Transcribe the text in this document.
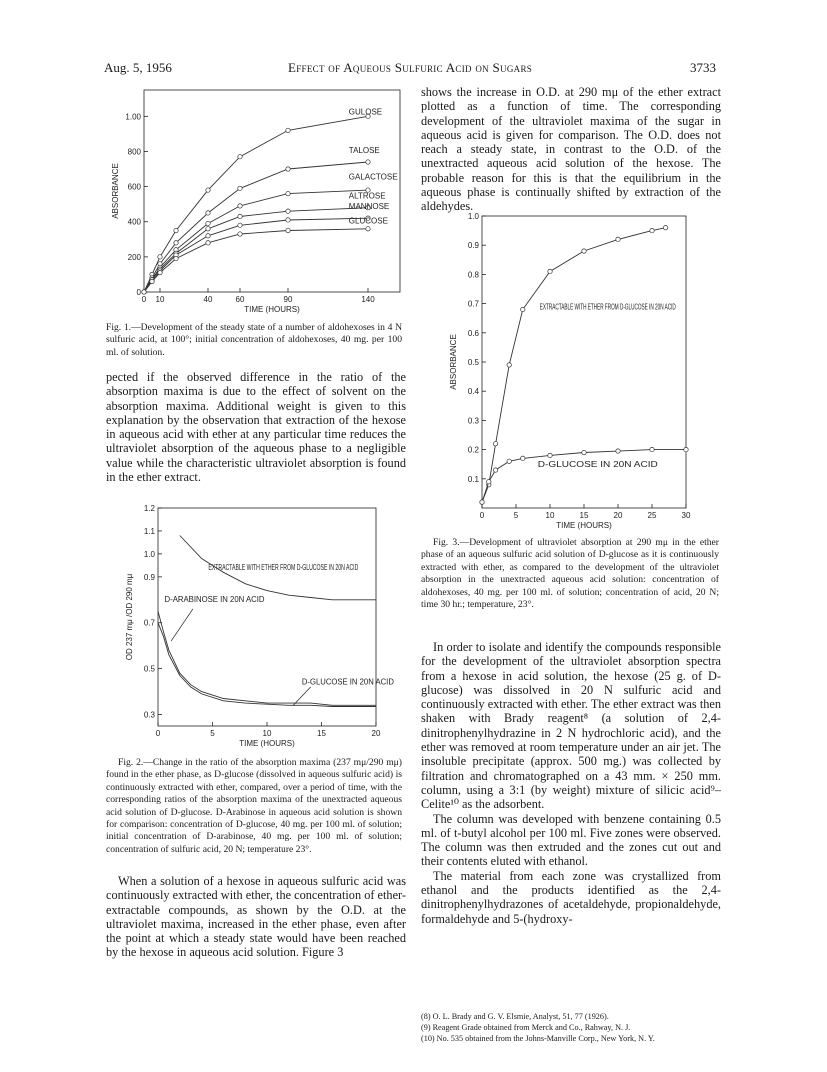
Aug. 5, 1956	Effect of Aqueous Sulfuric Acid on Sugars	3733
0 10	40	60	90	140
0
200
400
600
800
1.00
TIME (HOURS)
ABSORBANCE
GULOSE
TALOSE
GALACTOSE
ALTROSE
MANNOSE
GLUCOSE

Fig. 1.—Development of the steady state of a number of aldohexoses in 4 N sulfuric acid, at 100°; initial concentration of aldohexoses, 40 mg. per 100 ml. of solution.

pected if the observed difference in the ratio of the absorption maxima is due to the effect of solvent on the absorption maxima. Additional weight is given to this explanation by the observation that extraction of the hexose in aqueous acid with ether at any particular time reduces the ultraviolet absorption of the aqueous phase to a negligible value while the characteristic ultraviolet absorption is found in the ether extract.

0	5	10	15	20
0.3
0.5
0.7
0.9
1.0
1.1
1.2
TIME (HOURS)
OD 237 mμ /OD 290 mμ
EXTRACTABLE WITH ETHER FROM D-GLUCOSE IN 20N ACID
D-ARABINOSE IN 20N ACID
D-GLUCOSE IN 20N ACID

Fig. 2.—Change in the ratio of the absorption maxima (237 mμ/290 mμ) found in the ether phase, as D-glucose (dissolved in aqueous sulfuric acid) is continuously extracted with ether, compared, over a period of time, with the corresponding ratios of the absorption maxima of the unextracted aqueous acid solution of D-glucose. D-Arabinose in aqueous acid solution is shown for comparison: concentration of D-glucose, 40 mg. per 100 ml. of solution; initial concentration of D-arabinose, 40 mg. per 100 ml. of solution; concentration of sulfuric acid, 20 N; temperature 23°.

When a solution of a hexose in aqueous sulfuric acid was continuously extracted with ether, the concentration of ether-extractable compounds, as shown by the O.D. at the ultraviolet maxima, increased in the ether phase, even after the point at which a steady state would have been reached by the hexose in aqueous acid solution. Figure 3

shows the increase in O.D. at 290 mμ of the ether extract plotted as a function of time. The corresponding development of the ultraviolet maxima of the sugar in aqueous acid is given for comparison. The O.D. does not reach a steady state, in contrast to the O.D. of the unextracted aqueous acid solution of the hexose. The probable reason for this is that the equilibrium in the aqueous phase is continually shifted by extraction of the aldehydes.

0	5	10	15	20	25	30
0.1
0.2
0.3
0.4
0.5
0.6
0.7
0.8
0.9
1.0
TIME (HOURS)
ABSORBANCE
EXTRACTABLE WITH ETHER FROM D-GLUCOSE IN 20N ACID
D-GLUCOSE IN 20N ACID

Fig. 3.—Development of ultraviolet absorption at 290 mμ in the ether phase of an aqueous sulfuric acid solution of D-glucose as it is continuously extracted with ether, as compared to the development of the ultraviolet absorption in the unextracted aqueous acid solution: concentration of aldohexoses, 40 mg. per 100 ml. of solution; concentration of acid, 20 N; time 30 hr.; temperature, 23°.

In order to isolate and identify the compounds responsible for the development of the ultraviolet absorption spectra from a hexose in acid solution, the hexose (25 g. of D-glucose) was dissolved in 20 N sulfuric acid and continuously extracted with ether. The ether extract was then shaken with Brady reagent⁸ (a solution of 2,4-dinitrophenylhydrazine in 2 N hydrochloric acid), and the ether was removed at room temperature under an air jet. The insoluble precipitate (approx. 500 mg.) was collected by filtration and chromatographed on a 43 mm. × 250 mm. column, using a 3:1 (by weight) mixture of silicic acid⁹–Celite¹⁰ as the adsorbent.

The column was developed with benzene containing 0.5 ml. of t-butyl alcohol per 100 ml. Five zones were observed. The column was then extruded and the zones cut out and their contents eluted with ethanol.

The material from each zone was crystallized from ethanol and the products identified as the 2,4-dinitrophenylhydrazones of acetaldehyde, propionaldehyde, formaldehyde and 5-(hydroxy-

(8) O. L. Brady and G. V. Elsmie, Analyst, 51, 77 (1926).

(9) Reagent Grade obtained from Merck and Co., Rahway, N. J.

(10) No. 535 obtained from the Johns-Manville Corp., New York, N. Y.
